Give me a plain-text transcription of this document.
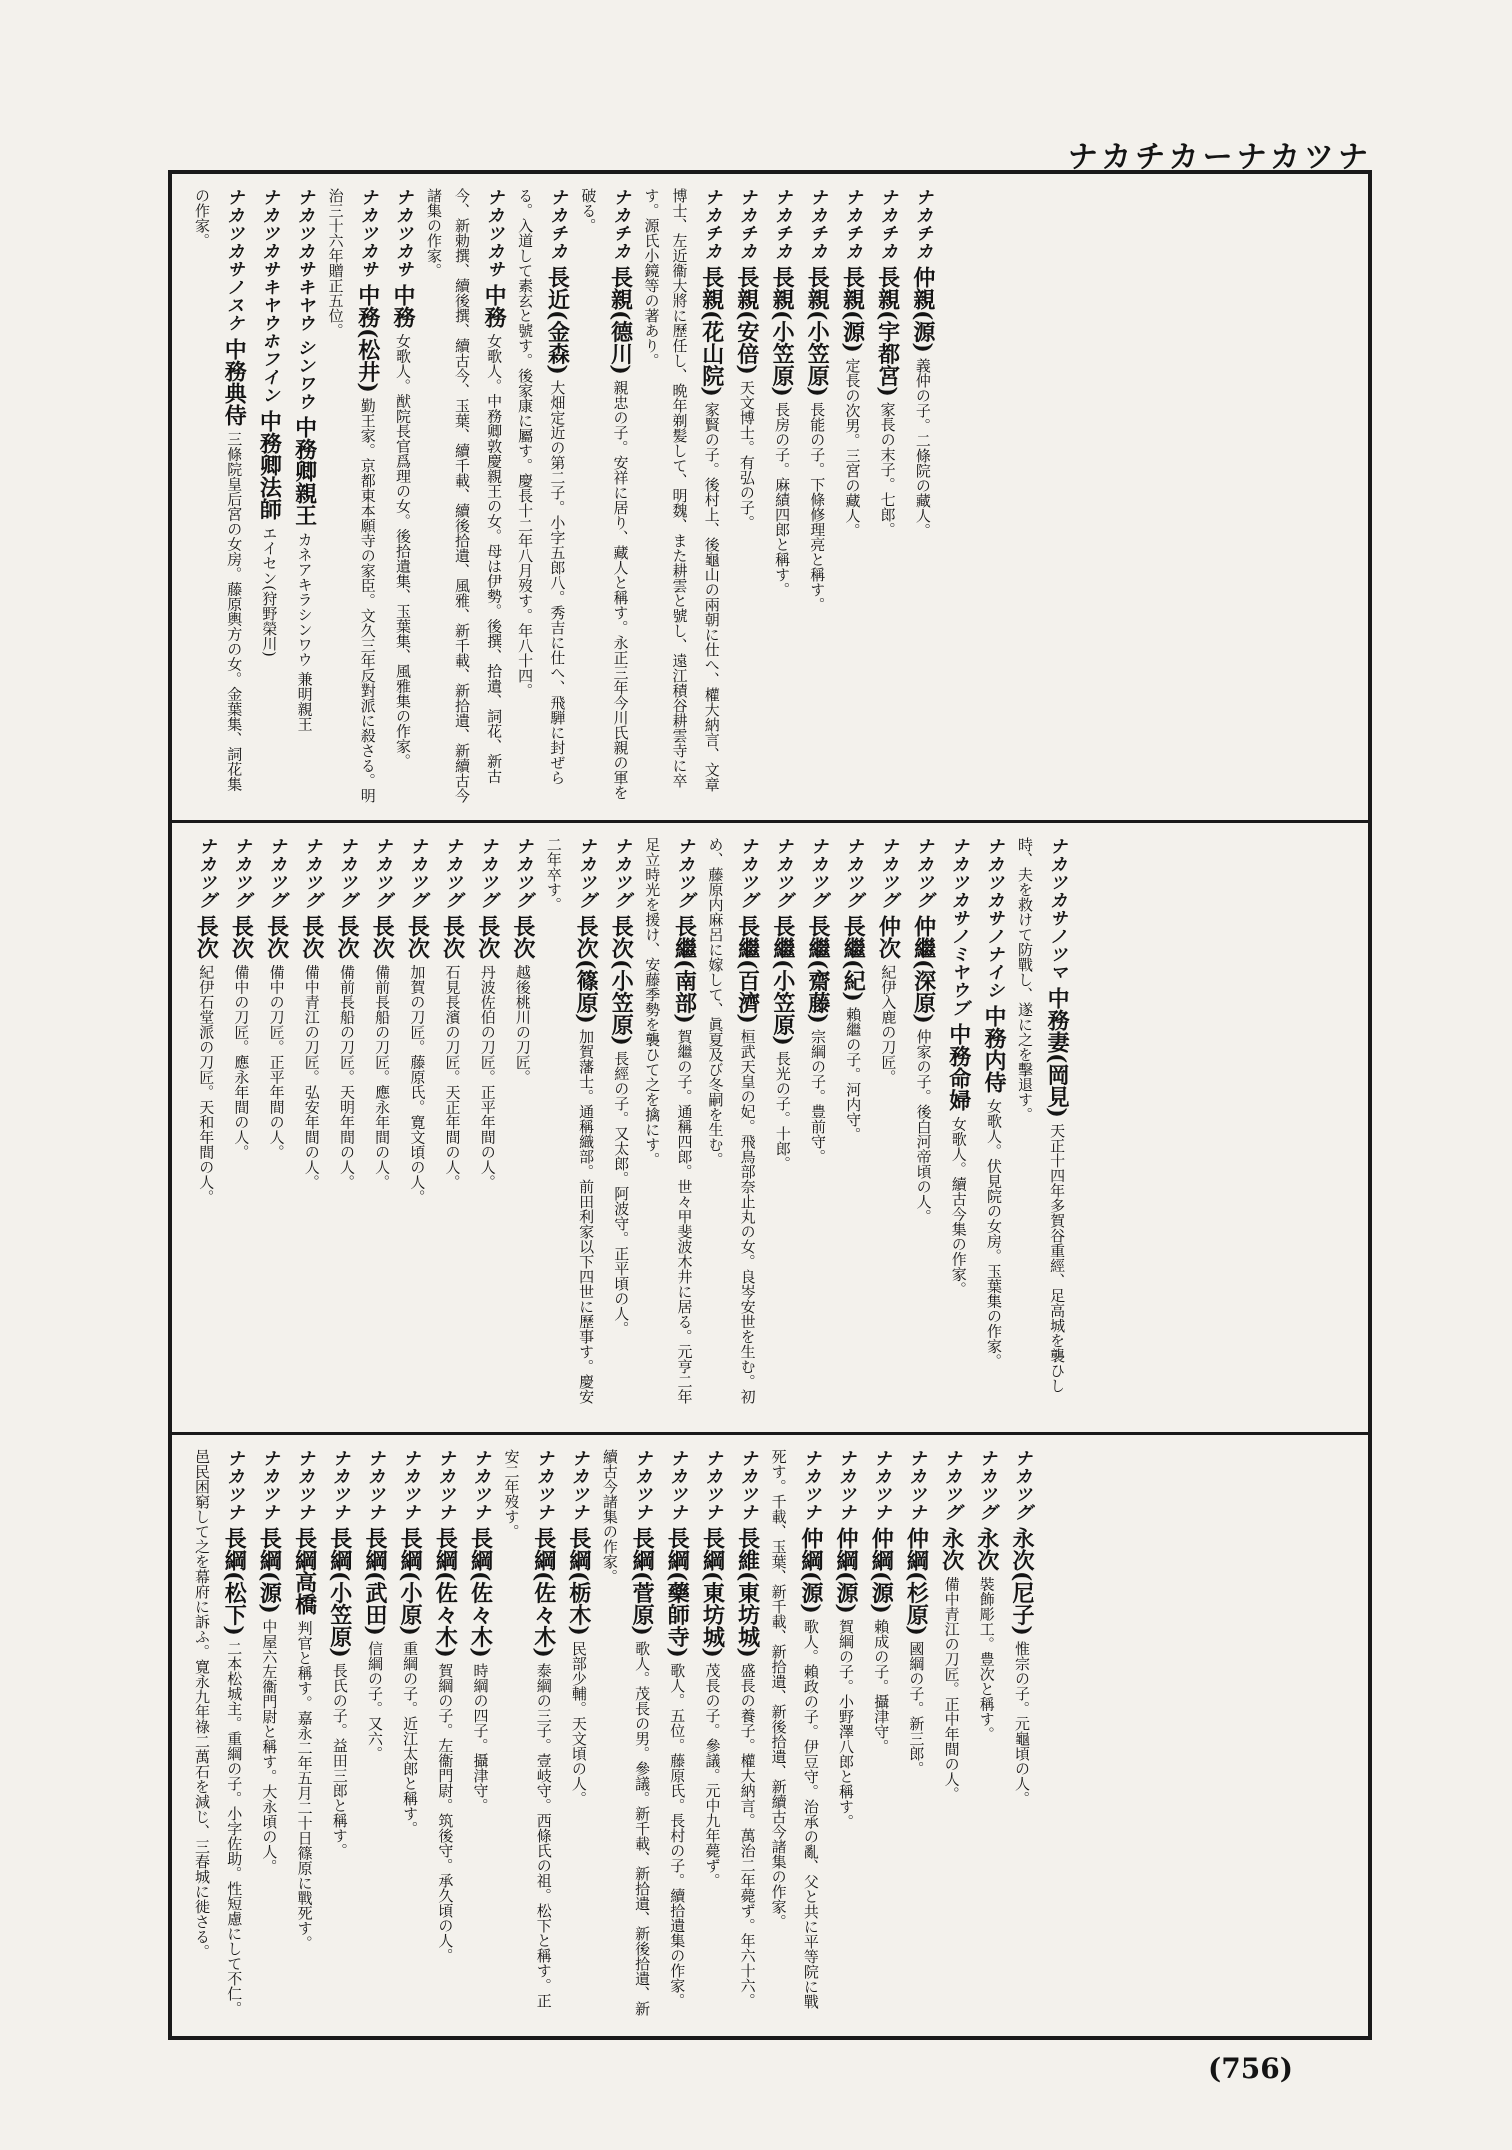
ナカチカーナカツナ

ナカチカ 仲親(源) 義仲の子。二條院の藏人。

ナカチカ 長親(宇都宮) 家長の末子。七郎。

ナカチカ 長親(源) 定長の次男。三宮の藏人。

ナカチカ 長親(小笠原) 長能の子。下條修理亮と稱す。

ナカチカ 長親(小笠原) 長房の子。麻績四郎と稱す。

ナカチカ 長親(安倍) 天文博士。有弘の子。

ナカチカ 長親(花山院) 家賢の子。後村上、後龜山の兩朝に仕へ、權大納言、文章博士、左近衞大將に歷任し、晩年剃髪して、明魏、また耕雲と號し、遠江積谷耕雲寺に卒す。源氏小鏡等の著あり。

ナカチカ 長親(德川) 親忠の子。安祥に居り、藏人と稱す。永正三年今川氏親の軍を破る。

ナカチカ 長近(金森) 大畑定近の第二子。小字五郎八。秀吉に仕へ、飛騨に封ぜらる。入道して素玄と號す。後家康に屬す。慶長十二年八月歿す。年八十四。

ナカツカサ 中務 女歌人。中務卿敦慶親王の女。母は伊勢。後撰、拾遺、詞花、新古今、新勅撰、續後撰、續古今、玉葉、續千載、續後拾遺、風雅、新千載、新拾遺、新續古今諸集の作家。

ナカツカサ 中務 女歌人。猷院長官爲理の女。後拾遺集、玉葉集、風雅集の作家。

ナカツカサ 中務(松井) 勤王家。京都東本願寺の家臣。文久三年反對派に殺さる。明治三十六年贈正五位。

ナカツカサキヤウ シンワウ 中務卿親王 カネアキラシンワウ 兼明親王

ナカツカサキヤウホフイン 中務卿法師 エイセン(狩野榮川)

ナカツカサノスケ 中務典侍 三條院皇后宮の女房。藤原輿方の女。金葉集、詞花集の作家。

ナカツカサノツマ 中務妻(岡見) 天正十四年多賀谷重經、足高城を襲ひし時、夫を救けて防戰し、遂に之を擊退す。

ナカツカサノナイシ 中務内侍 女歌人。伏見院の女房。玉葉集の作家。

ナカツカサノミヤウブ 中務命婦 女歌人。續古今集の作家。

ナカツグ 仲繼(深原) 仲家の子。後白河帝頃の人。

ナカツグ 仲次 紀伊入鹿の刀匠。

ナカツグ 長繼(紀) 賴繼の子。河内守。

ナカツグ 長繼(齋藤) 宗綱の子。豊前守。

ナカツグ 長繼(小笠原) 長光の子。十郎。

ナカツグ 長繼(百濟) 桓武天皇の妃。飛鳥部奈止丸の女。良岑安世を生む。初め、藤原内麻呂に嫁して、眞夏及び冬嗣を生む。

ナカツグ 長繼(南部) 賀繼の子。通稱四郎。世々甲斐波木井に居る。元亨二年足立時光を援け、安藤季勢を襲ひて之を擒にす。

ナカツグ 長次(小笠原) 長經の子。又太郎。阿波守。正平頃の人。

ナカツグ 長次(篠原) 加賀藩士。通稱織部。前田利家以下四世に歷事す。慶安二年卒す。

ナカツグ 長次 越後桃川の刀匠。

ナカツグ 長次 丹波佐伯の刀匠。正平年間の人。

ナカツグ 長次 石見長濱の刀匠。天正年間の人。

ナカツグ 長次 加賀の刀匠。藤原氏。寛文頃の人。

ナカツグ 長次 備前長船の刀匠。應永年間の人。

ナカツグ 長次 備前長船の刀匠。天明年間の人。

ナカツグ 長次 備中青江の刀匠。弘安年間の人。

ナカツグ 長次 備中の刀匠。正平年間の人。

ナカツグ 長次 備中の刀匠。應永年間の人。

ナカツグ 長次 紀伊石堂派の刀匠。天和年間の人。

ナカツグ 永次(尼子) 惟宗の子。元龜頃の人。

ナカツグ 永次 裝飾彫工。豊次と稱す。

ナカツグ 永次 備中青江の刀匠。正中年間の人。

ナカツナ 仲綱(杉原) 國綱の子。新三郎。

ナカツナ 仲綱(源) 賴成の子。攝津守。

ナカツナ 仲綱(源) 賀綱の子。小野澤八郎と稱す。

ナカツナ 仲綱(源) 歌人。賴政の子。伊豆守。治承の亂、父と共に平等院に戰死す。千載、玉葉、新千載、新拾遺、新後拾遺、新續古今諸集の作家。

ナカツナ 長維(東坊城) 盛長の養子。權大納言。萬治二年薨ず。年六十六。

ナカツナ 長綱(東坊城) 茂長の子。參議。元中九年薨ず。

ナカツナ 長綱(藥師寺) 歌人。五位。藤原氏。長村の子。續拾遺集の作家。

ナカツナ 長綱(菅原) 歌人。茂長の男。參議。新千載、新拾遺、新後拾遺、新續古今諸集の作家。

ナカツナ 長綱(栃木) 民部少輔。天文頃の人。

ナカツナ 長綱(佐々木) 泰綱の三子。壹岐守。西條氏の祖。松下と稱す。正安二年歿す。

ナカツナ 長綱(佐々木) 時綱の四子。攝津守。

ナカツナ 長綱(佐々木) 賀綱の子。左衞門尉。筑後守。承久頃の人。

ナカツナ 長綱(小原) 重綱の子。近江太郎と稱す。

ナカツナ 長綱(武田) 信綱の子。又六。

ナカツナ 長綱(小笠原) 長氏の子。益田三郎と稱す。

ナカツナ 長綱高橋 判官と稱す。嘉永二年五月二十日篠原に戰死す。

ナカツナ 長綱(源) 中屋六左衞門尉と稱す。大永頃の人。

ナカツナ 長綱(松下) 二本松城主。重綱の子。小字佐助。性短慮にして不仁。邑民困窮して之を幕府に訴ふ。寛永九年祿二萬石を減じ、三春城に徙さる。

(756)
